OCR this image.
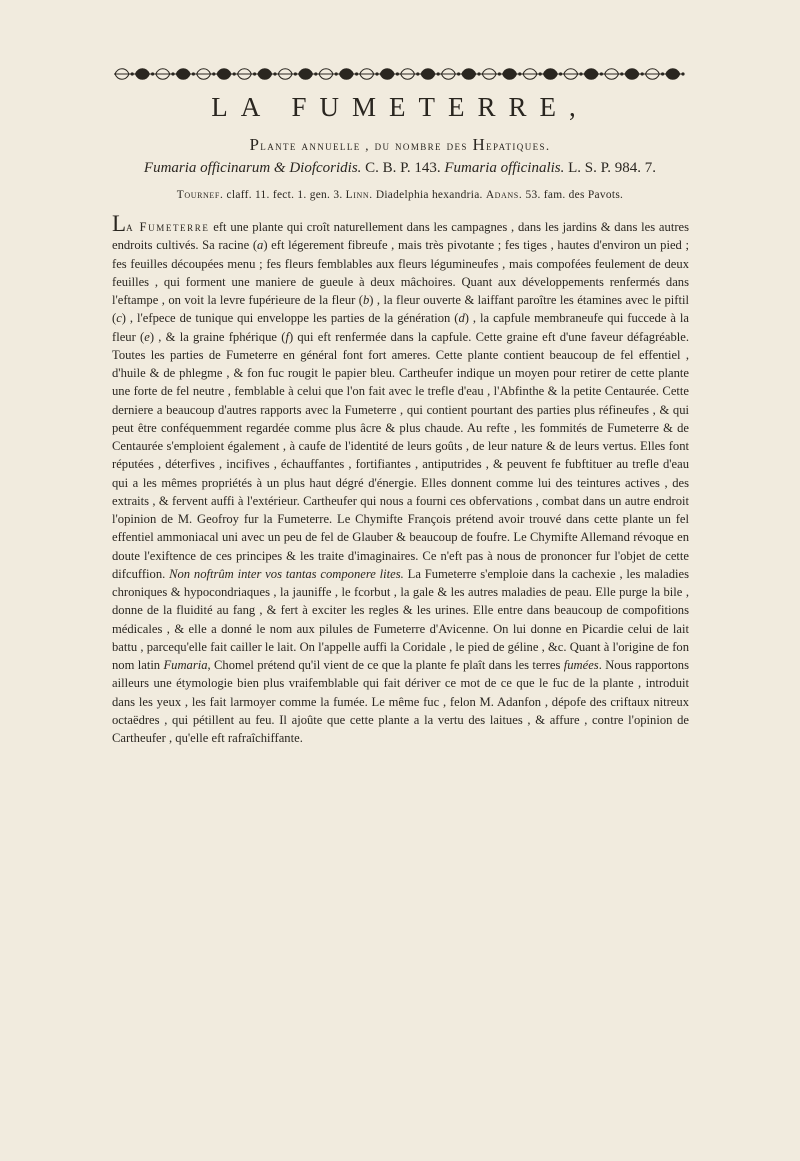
LA FUMETERRE,
Plante annuelle , du nombre des Hepatiques.
Fumaria officinarum & Diofcoridis. C. B. P. 143. Fumaria officinalis. L. S. P. 984. 7.
Tournef. claff. 11. fect. 1. gen. 3. Linn. Diadelphia hexandria. Adans. 53. fam. des Pavots.

La Fumeterre eft une plante qui croît naturellement dans les campagnes , dans les jardins & dans les autres endroits cultivés. Sa racine (a) eft légerement fibreufe , mais très pivotante ; fes tiges , hautes d'environ un pied ; fes feuilles découpées menu ; fes fleurs femblables aux fleurs légumineufes , mais compofées feulement de deux feuilles , qui forment une maniere de gueule à deux mâchoires. Quant aux développements renfermés dans l'eftampe , on voit la levre fupérieure de la fleur (b) , la fleur ouverte & laiffant paroître les étamines avec le piftil (c) , l'efpece de tunique qui enveloppe les parties de la génération (d) , la capfule membraneufe qui fuccede à la fleur (e) , & la graine fphérique (f) qui eft renfermée dans la capfule. Cette graine eft d'une faveur défagréable. Toutes les parties de Fumeterre en général font fort ameres. Cette plante contient beaucoup de fel effentiel , d'huile & de phlegme , & fon fuc rougit le papier bleu. Cartheufer indique un moyen pour retirer de cette plante une forte de fel neutre , femblable à celui que l'on fait avec le trefle d'eau , l'Abfinthe & la petite Centaurée. Cette derniere a beaucoup d'autres rapports avec la Fumeterre , qui contient pourtant des parties plus réfineufes , & qui peut être conféquemment regardée comme plus âcre & plus chaude. Au refte , les fommités de Fumeterre & de Centaurée s'emploient également , à caufe de l'identité de leurs goûts , de leur nature & de leurs vertus. Elles font réputées , déterfives , incifives , échauffantes , fortifiantes , antiputrides , & peuvent fe fubftituer au trefle d'eau qui a les mêmes propriétés à un plus haut dégré d'énergie. Elles donnent comme lui des teintures actives , des extraits , & fervent auffi à l'extérieur. Cartheufer qui nous a fourni ces obfervations , combat dans un autre endroit l'opinion de M. Geofroy fur la Fumeterre. Le Chymifte François prétend avoir trouvé dans cette plante un fel effentiel ammoniacal uni avec un peu de fel de Glauber & beaucoup de foufre. Le Chymifte Allemand révoque en doute l'exiftence de ces principes & les traite d'imaginaires. Ce n'eft pas à nous de prononcer fur l'objet de cette difcuffion. Non noftrûm inter vos tantas componere lites. La Fumeterre s'emploie dans la cachexie , les maladies chroniques & hypocondriaques , la jauniffe , le fcorbut , la gale & les autres maladies de peau. Elle purge la bile , donne de la fluidité au fang , & fert à exciter les regles & les urines. Elle entre dans beaucoup de compofitions médicales , & elle a donné le nom aux pilules de Fumeterre d'Avicenne. On lui donne en Picardie celui de lait battu , parcequ'elle fait cailler le lait. On l'appelle auffi la Coridale , le pied de géline , &c. Quant à l'origine de fon nom latin Fumaria, Chomel prétend qu'il vient de ce que la plante fe plaît dans les terres fumées. Nous rapportons ailleurs une étymologie bien plus vraifemblable qui fait dériver ce mot de ce que le fuc de la plante , introduit dans les yeux , les fait larmoyer comme la fumée. Le même fuc , felon M. Adanfon , dépofe des criftaux nitreux octaëdres , qui pétillent au feu. Il ajoûte que cette plante a la vertu des laitues , & affure , contre l'opinion de Cartheufer , qu'elle eft rafraîchiffante.
